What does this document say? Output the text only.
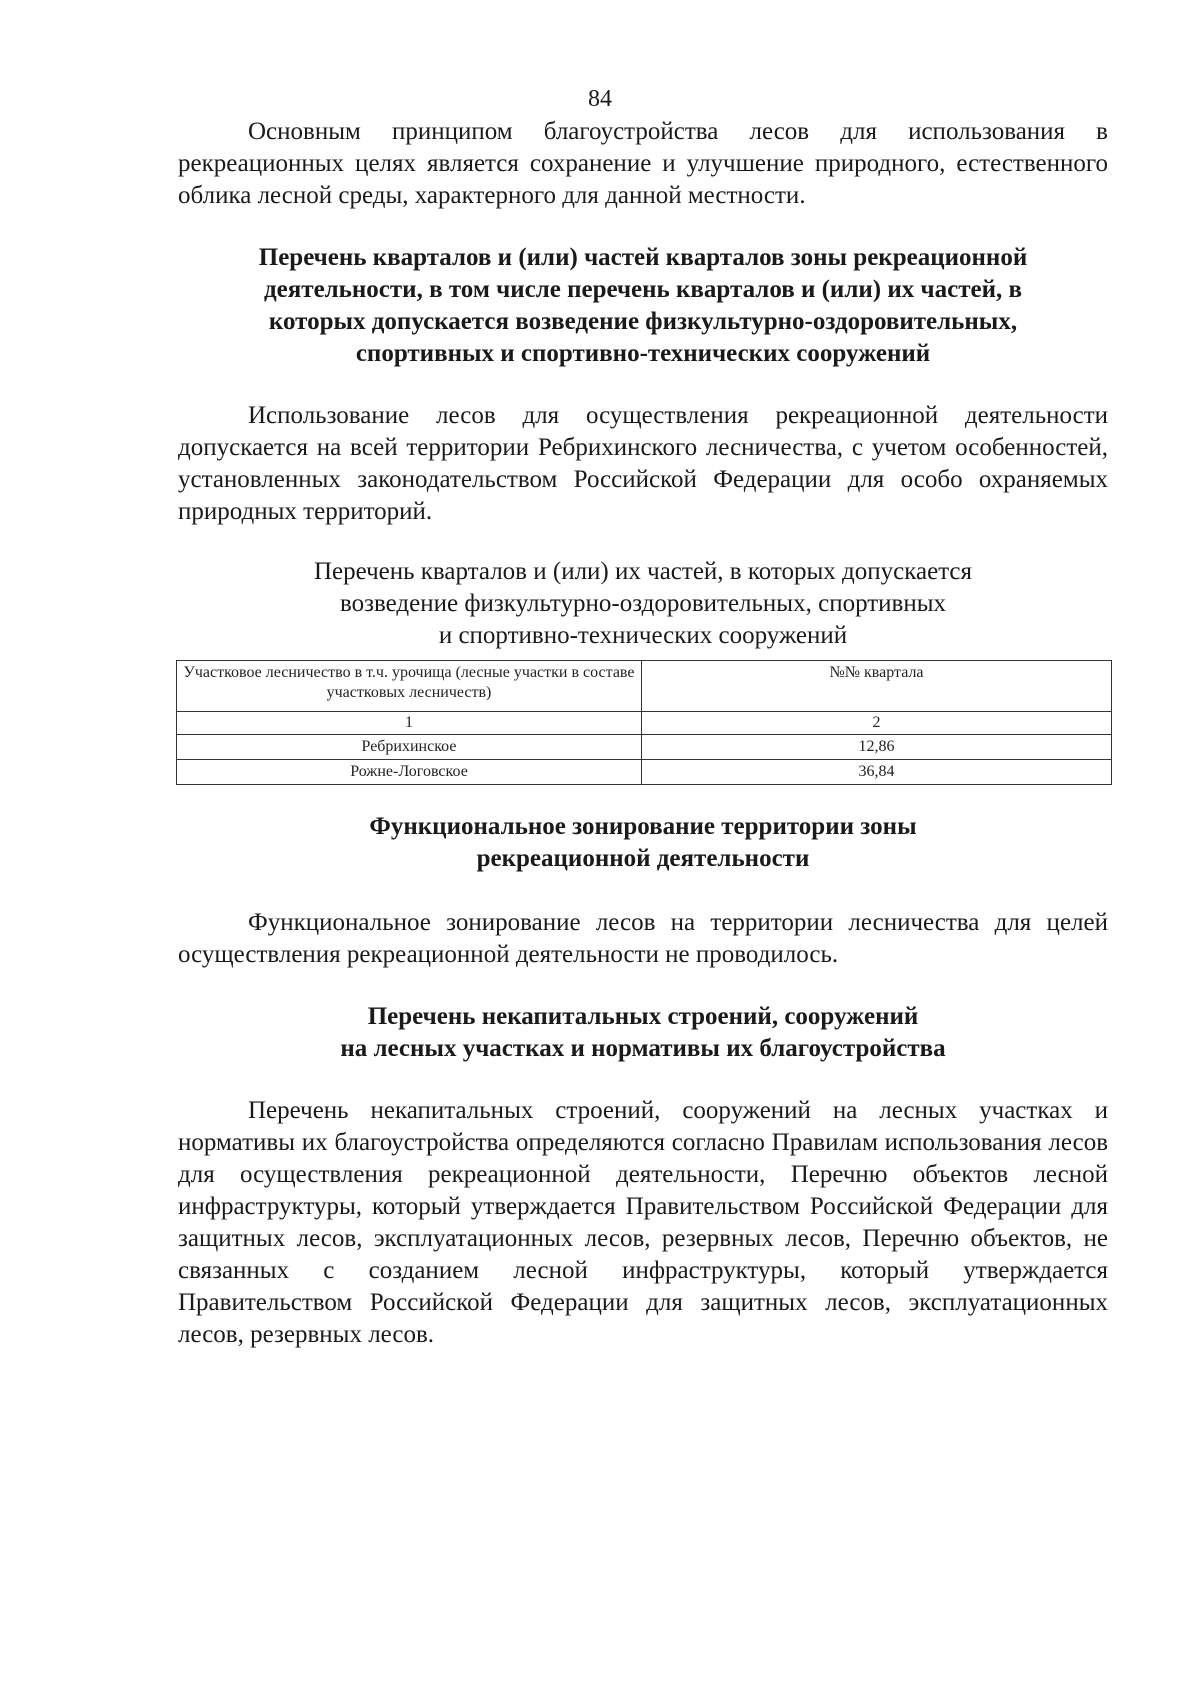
84

Основным принципом благоустройства лесов для использования в рекреационных целях является сохранение и улучшение природного, естественного облика лесной среды, характерного для данной местности.

Перечень кварталов и (или) частей кварталов зоны рекреационной
деятельности, в том числе перечень кварталов и (или) их частей, в
которых допускается возведение физкультурно-оздоровительных,
спортивных и спортивно-технических сооружений

Использование лесов для осуществления рекреационной деятельности допускается на всей территории Ребрихинского лесничества, с учетом особенностей, установленных законодательством Российской Федерации для особо охраняемых природных территорий.

Перечень кварталов и (или) их частей, в которых допускается
возведение физкультурно-оздоровительных, спортивных
и спортивно-технических сооружений
Участковое лесничество в т.ч. урочища (лесные участки в составе участковых лесничеств)	№№ квартала
1	2
Ребрихинское	12,86
Рожне-Логовское	36,84
Функциональное зонирование территории зоны
рекреационной деятельности

Функциональное зонирование лесов на территории лесничества для целей осуществления рекреационной деятельности не проводилось.

Перечень некапитальных строений, сооружений
на лесных участках и нормативы их благоустройства

Перечень некапитальных строений, сооружений на лесных участках и нормативы их благоустройства определяются согласно Правилам использования лесов для осуществления рекреационной деятельности, Перечню объектов лесной инфраструктуры, который утверждается Правительством Российской Федерации для защитных лесов, эксплуатационных лесов, резервных лесов, Перечню объектов, не связанных с созданием лесной инфраструктуры, который утверждается Правительством Российской Федерации для защитных лесов, эксплуатационных лесов, резервных лесов.
